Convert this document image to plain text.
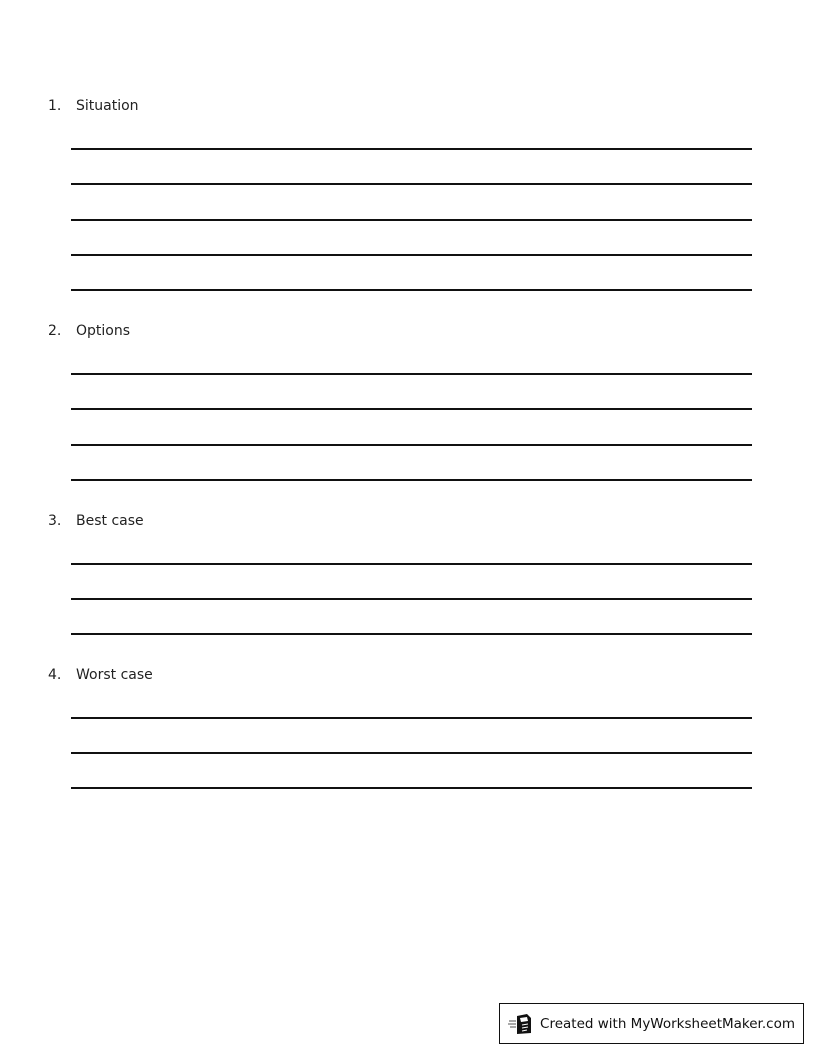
1. Situation
2. Options
3. Best case
4. Worst case
Created with MyWorksheetMaker.com
